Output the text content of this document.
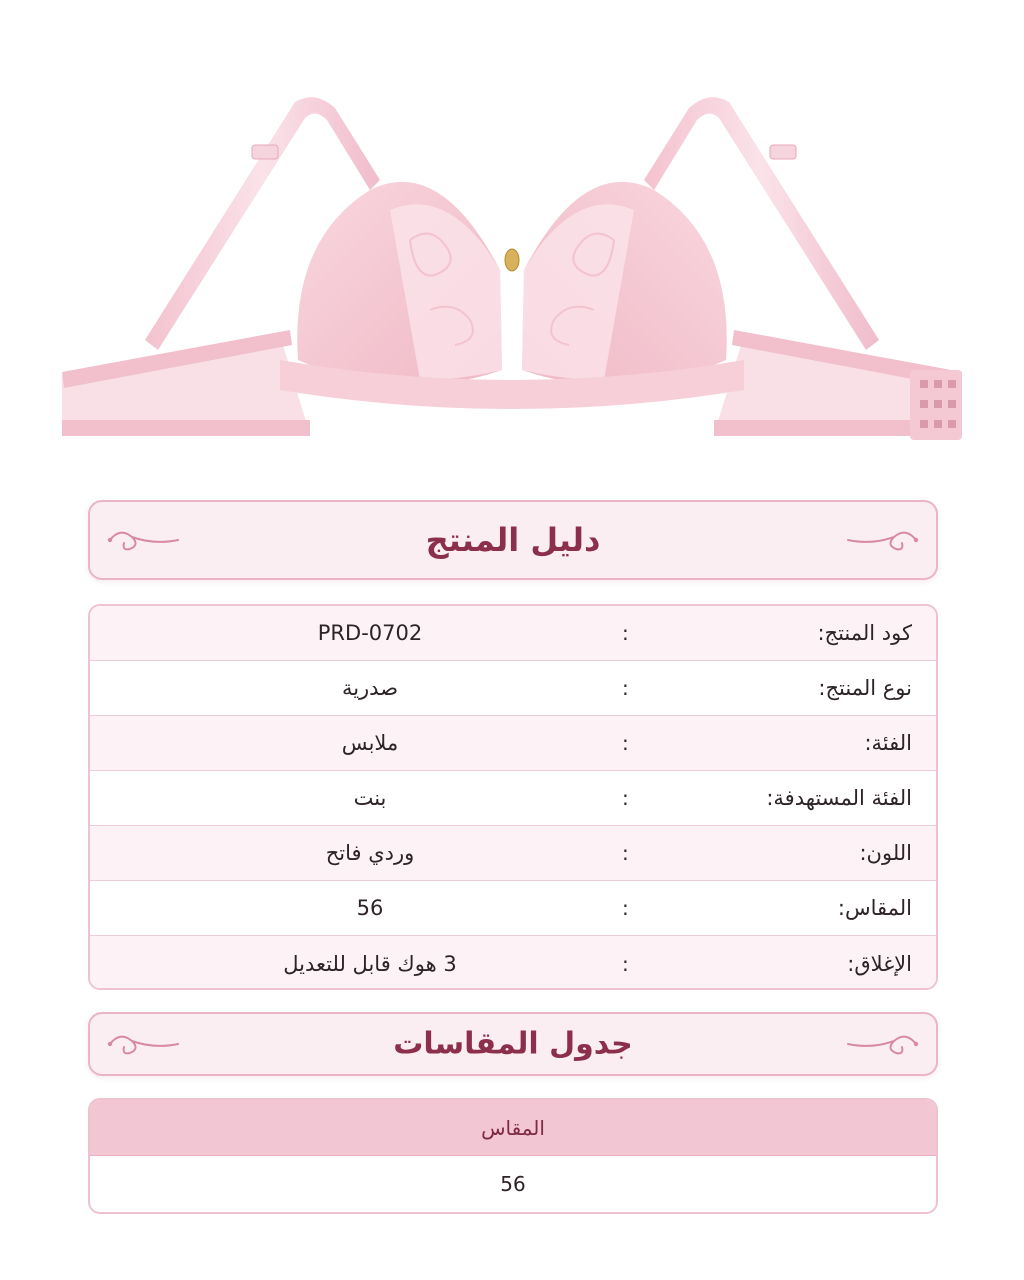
دليل المنتج
كود المنتج:
:
PRD-0702
نوع المنتج:
:
صدرية
الفئة:
:
ملابس
الفئة المستهدفة:
:
بنت
اللون:
:
وردي فاتح
المقاس:
:
56
الإغلاق:
:
3 هوك قابل للتعديل
جدول المقاسات
المقاس
56
